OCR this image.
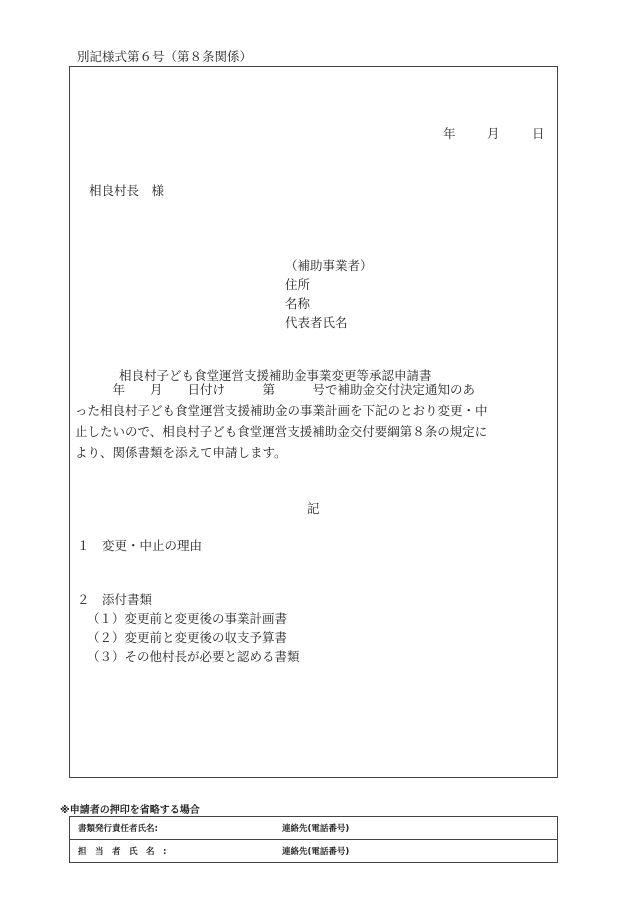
別記様式第６号（第８条関係）
年	月	日
相良村長　様
（補助事業者）
住所
名称
代表者氏名
相良村子ども食堂運営支援補助金事業変更等承認申請書
　　　年　　月　　日付け　　　第　　　号で補助金交付決定通知のあ
った相良村子ども食堂運営支援補助金の事業計画を下記のとおり変更・中
止したいので、相良村子ども食堂運営支援補助金交付要綱第８条の規定に
より、関係書類を添えて申請します。
記
１　変更・中止の理由
２　添付書類
（１）変更前と変更後の事業計画書
（２）変更前と変更後の収支予算書
（３）その他村長が必要と認める書類
※申請者の押印を省略する場合
書類発行責任者氏名:	連絡先(電話番号)
担　当　者　氏　名　:	連絡先(電話番号)
